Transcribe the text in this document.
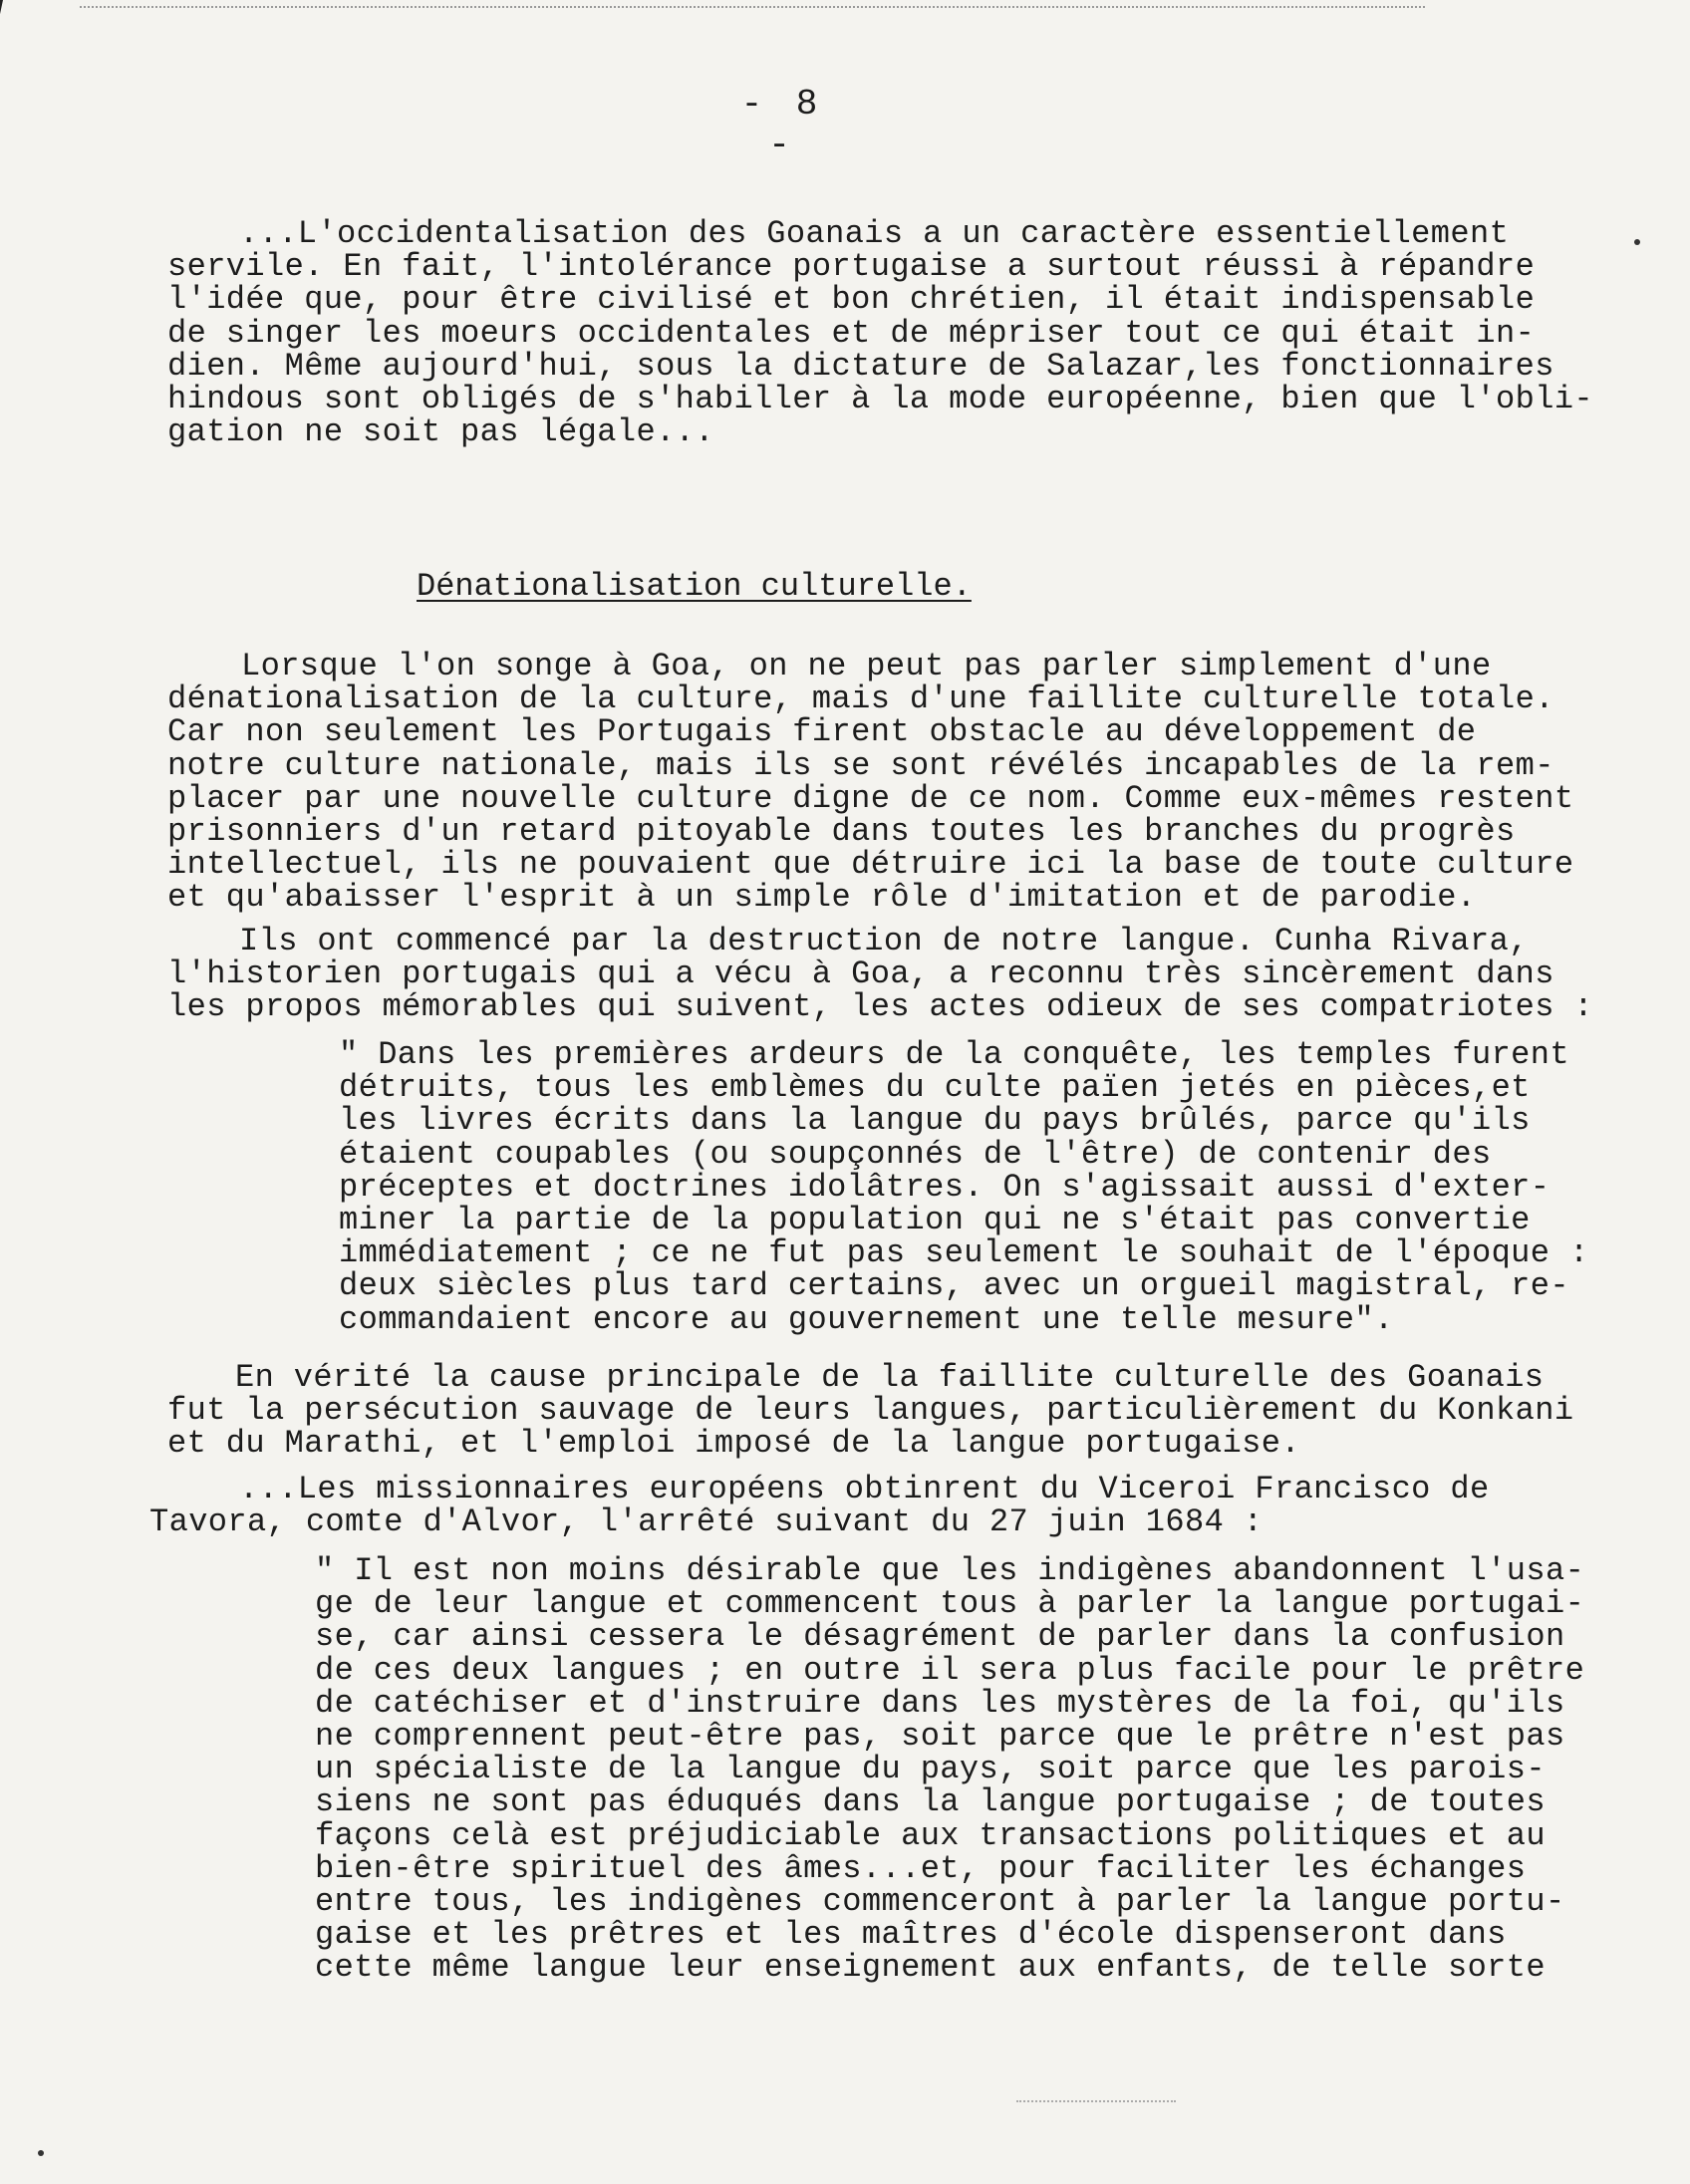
- 8 -
...L'occidentalisation des Goanais a un caractère essentiellement
servile. En fait, l'intolérance portugaise a surtout réussi à répandre
l'idée que, pour être civilisé et bon chrétien, il était indispensable
de singer les moeurs occidentales et de mépriser tout ce qui était in-
dien. Même aujourd'hui, sous la dictature de Salazar,les fonctionnaires
hindous sont obligés de s'habiller à la mode européenne, bien que l'obli-
gation ne soit pas légale...
Lorsque l'on songe à Goa, on ne peut pas parler simplement d'une
dénationalisation de la culture, mais d'une faillite culturelle totale.
Car non seulement les Portugais firent obstacle au développement de
notre culture nationale, mais ils se sont révélés incapables de la rem-
placer par une nouvelle culture digne de ce nom. Comme eux-mêmes restent
prisonniers d'un retard pitoyable dans toutes les branches du progrès
intellectuel, ils ne pouvaient que détruire ici la base de toute culture
et qu'abaisser l'esprit à un simple rôle d'imitation et de parodie.
Ils ont commencé par la destruction de notre langue. Cunha Rivara,
l'historien portugais qui a vécu à Goa, a reconnu très sincèrement dans
les propos mémorables qui suivent, les actes odieux de ses compatriotes :
" Dans les premières ardeurs de la conquête, les temples furent
détruits, tous les emblèmes du culte païen jetés en pièces,et
les livres écrits dans la langue du pays brûlés, parce qu'ils
étaient coupables (ou soupçonnés de l'être) de contenir des
préceptes et doctrines idolâtres. On s'agissait aussi d'exter-
miner la partie de la population qui ne s'était pas convertie
immédiatement ; ce ne fut pas seulement le souhait de l'époque :
deux siècles plus tard certains, avec un orgueil magistral, re-
commandaient encore au gouvernement une telle mesure".
En vérité la cause principale de la faillite culturelle des Goanais
fut la persécution sauvage de leurs langues, particulièrement du Konkani
et du Marathi, et l'emploi imposé de la langue portugaise.
...Les missionnaires européens obtinrent du Viceroi Francisco de
Tavora, comte d'Alvor, l'arrêté suivant du 27 juin 1684 :
" Il est non moins désirable que les indigènes abandonnent l'usa-
ge de leur langue et commencent tous à parler la langue portugai-
se, car ainsi cessera le désagrément de parler dans la confusion
de ces deux langues ; en outre il sera plus facile pour le prêtre
de catéchiser et d'instruire dans les mystères de la foi, qu'ils
ne comprennent peut-être pas, soit parce que le prêtre n'est pas
un spécialiste de la langue du pays, soit parce que les parois-
siens ne sont pas éduqués dans la langue portugaise ; de toutes
façons celà est préjudiciable aux transactions politiques et au
bien-être spirituel des âmes...et, pour faciliter les échanges
entre tous, les indigènes commenceront à parler la langue portu-
gaise et les prêtres et les maîtres d'école dispenseront dans
cette même langue leur enseignement aux enfants, de telle sorte
Dénationalisation culturelle.
